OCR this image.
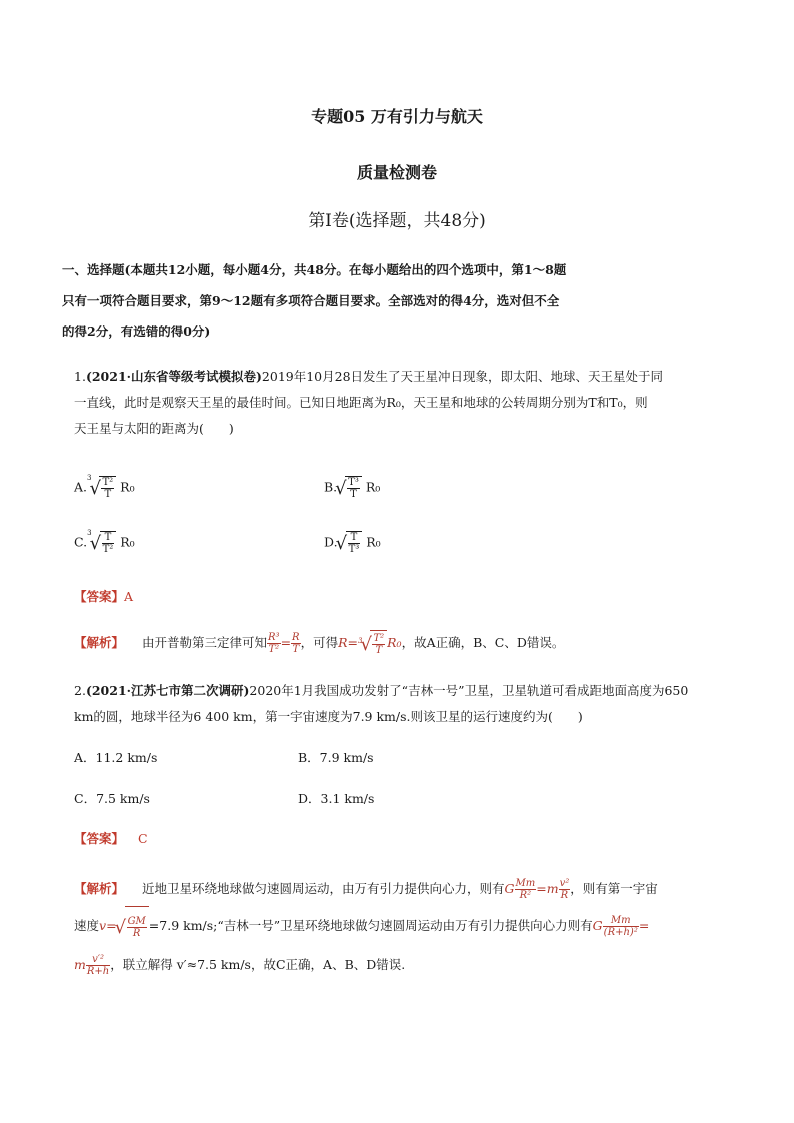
专题05 万有引力与航天
质量检测卷
第Ⅰ卷(选择题，共48分)
一、选择题(本题共12小题，每小题4分，共48分。在每小题给出的四个选项中，第1～8题
只有一项符合题目要求，第9～12题有多项符合题目要求。全部选对的得4分，选对但不全
的得2分，有选错的得0分)
1.(2021·山东省等级考试模拟卷)2019年10月28日发生了天王星冲日现象，即太阳、地球、天王星处于同
一直线，此时是观察天王星的最佳时间。已知日地距离为R₀，天王星和地球的公转周期分别为T和T₀，则
天王星与太阳的距离为(　　)
A.$^3$ √ $\frac{\text{T²}}{T} R_0$	B. √ $\frac{\text{T³}}{T} R_0$
C.$^3$ √ $\frac{T}{\text{T²}} R_0$	D. √ $\frac{T}{\text{T³}} R_0$
【答案】A
【解析】 由开普勒第三定律可知 $\frac{\text{R³}}{\text{T²}} = \frac{R}{T}$ ，可得R=$^3$ √ $\frac{\text{T²}}{T} R_0$，故A正确，B、C、D错误。
2.(2021·江苏七市第二次调研)2020年1月我国成功发射了“吉林一号”卫星，卫星轨道可看成距地面高度为650
km的圆，地球半径为6 400 km，第一宇宙速度为7.9 km/s.则该卫星的运行速度约为(　　)
A．11.2 km/s	B．7.9 km/s
C．7.5 km/s	D．3.1 km/s
【答案】 C
【解析】 近地卫星环绕地球做匀速圆周运动，由万有引力提供向心力，则有G $\frac{Mm}{\text{R²}} =m \frac{\text{v²}}{R}$ ，则有第一宇宙
速度v= √ $\frac{GM}{R} =7.9$ km/s;“吉林一号”卫星环绕地球做匀速圆周运动由万有引力提供向心力则有G $\frac{Mm}{\text{(R+h)²}}$ =
m $\frac{\text{v′²}}{R+h}$ ，联立解得 v′≈7.5 km/s，故C正确，A、B、D错误.
